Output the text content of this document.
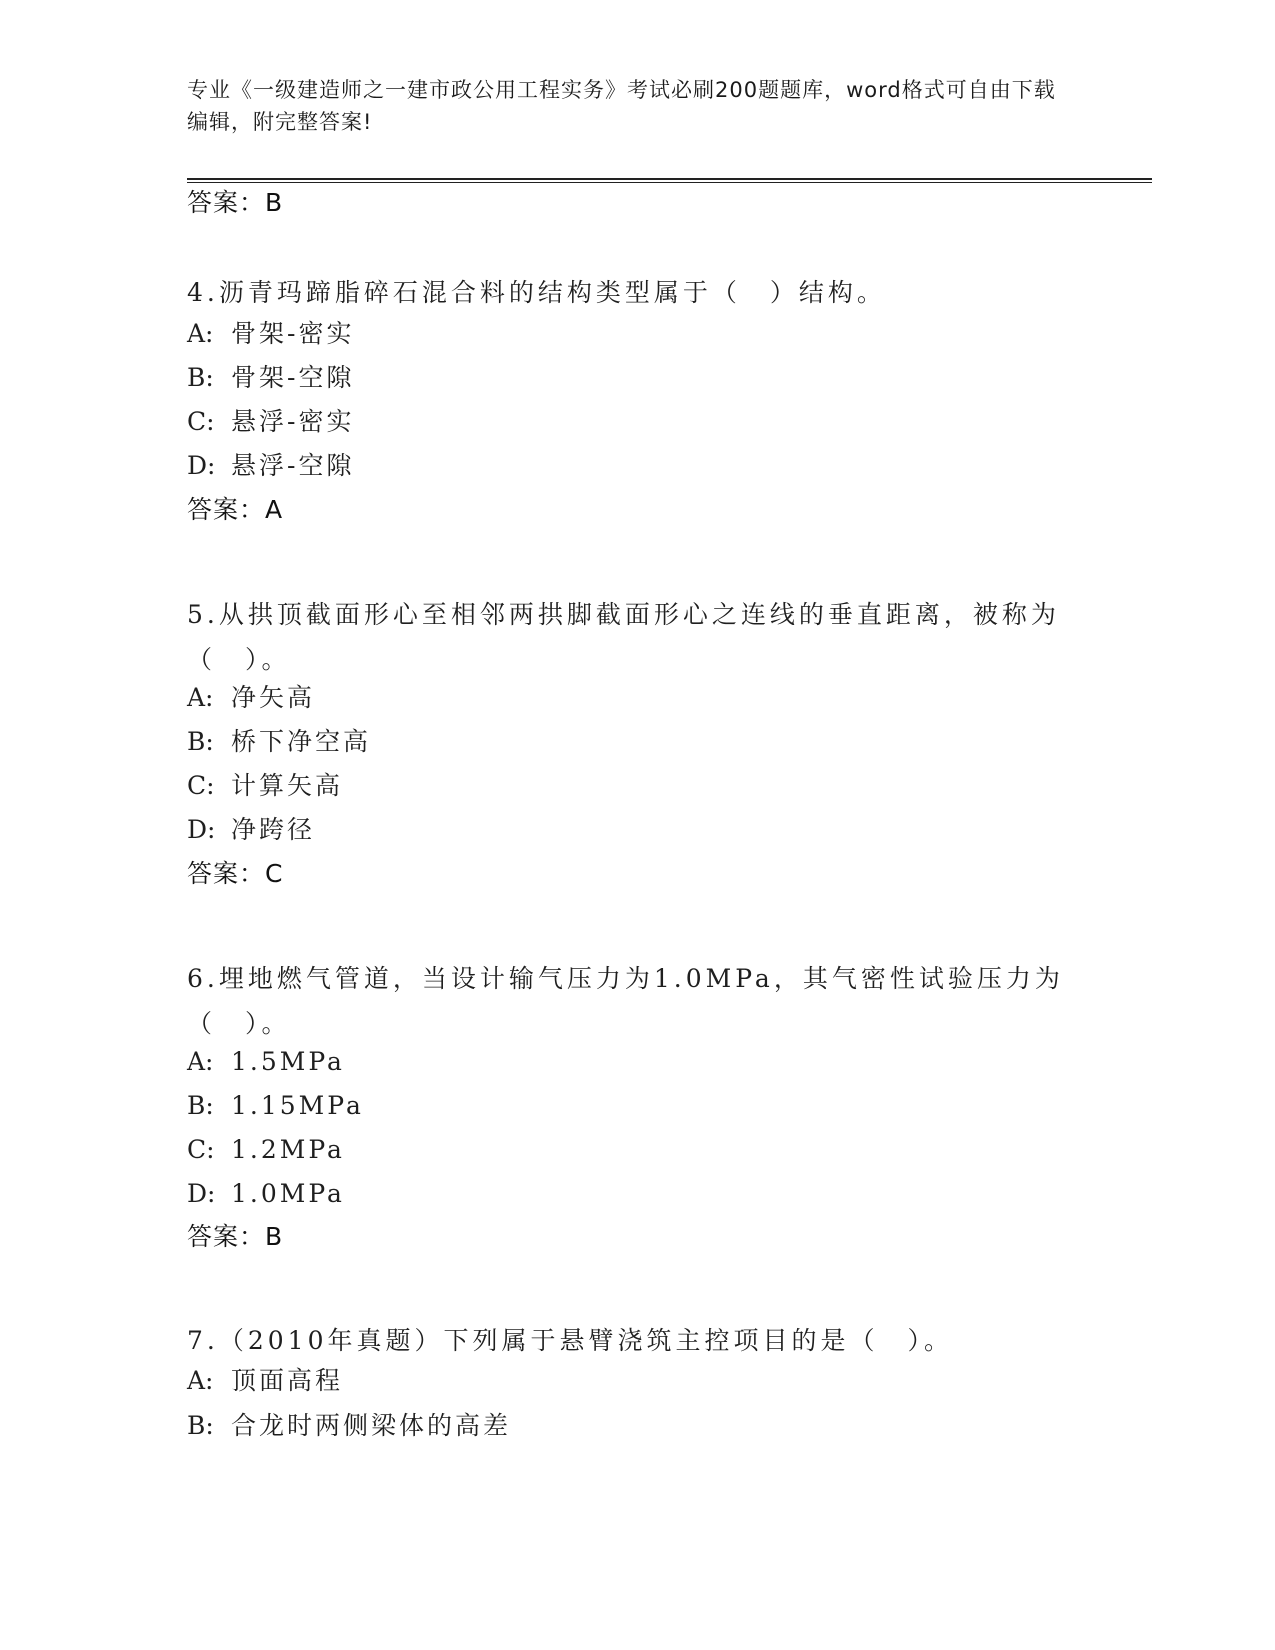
专业《一级建造师之一建市政公用工程实务》考试必刷200题题库，word格式可自由下载编辑，附完整答案!
答案：B

4.沥青玛蹄脂碎石混合料的结构类型属于（　）结构。

A: 骨架-密实
B: 骨架-空隙
C: 悬浮-密实
D: 悬浮-空隙
答案：A

5.从拱顶截面形心至相邻两拱脚截面形心之连线的垂直距离，被称为（　）。

A: 净矢高
B: 桥下净空高
C: 计算矢高
D: 净跨径
答案：C

6.埋地燃气管道，当设计输气压力为1.0MPa，其气密性试验压力为（　）。

A: 1.5MPa
B: 1.15MPa
C: 1.2MPa
D: 1.0MPa
答案：B

7.（2010年真题）下列属于悬臂浇筑主控项目的是（　）。

A: 顶面高程
B: 合龙时两侧梁体的高差
